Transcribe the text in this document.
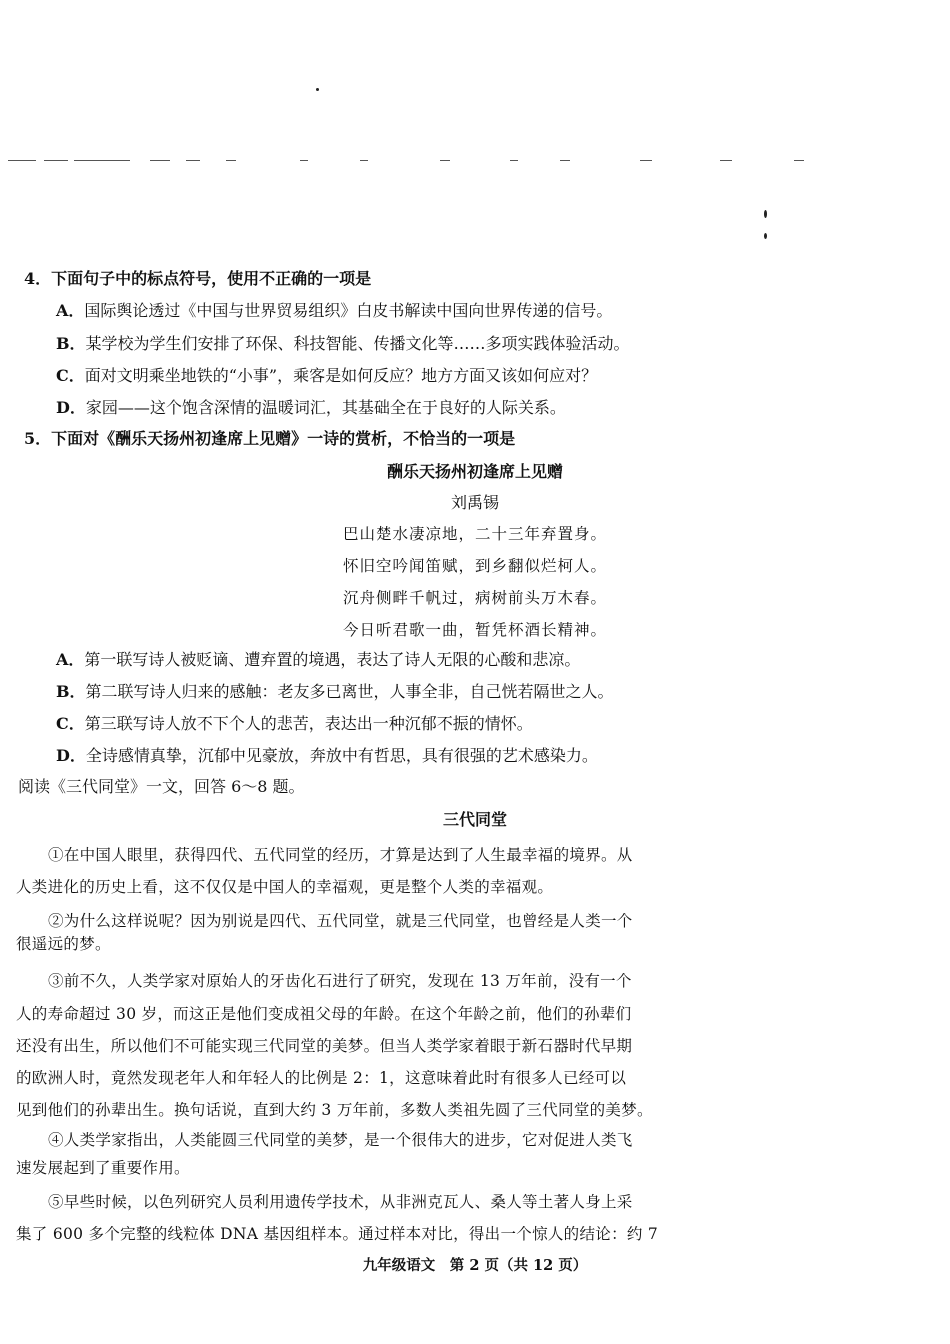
4．下面句子中的标点符号，使用不正确的一项是
A．国际舆论透过《中国与世界贸易组织》白皮书解读中国向世界传递的信号。
B．某学校为学生们安排了环保、科技智能、传播文化等……多项实践体验活动。
C．面对文明乘坐地铁的“小事”，乘客是如何反应？地方方面又该如何应对？
D．家园——这个饱含深情的温暖词汇，其基础全在于良好的人际关系。
5．下面对《酬乐天扬州初逢席上见赠》一诗的赏析，不恰当的一项是
酬乐天扬州初逢席上见赠
刘禹锡
巴山楚水凄凉地，二十三年弃置身。
怀旧空吟闻笛赋，到乡翻似烂柯人。
沉舟侧畔千帆过，病树前头万木春。
今日听君歌一曲，暂凭杯酒长精神。
A．第一联写诗人被贬谪、遭弃置的境遇，表达了诗人无限的心酸和悲凉。
B．第二联写诗人归来的感触：老友多已离世，人事全非，自己恍若隔世之人。
C．第三联写诗人放不下个人的悲苦，表达出一种沉郁不振的情怀。
D．全诗感情真挚，沉郁中见豪放，奔放中有哲思，具有很强的艺术感染力。
阅读《三代同堂》一文，回答 6～8 题。
三代同堂
①在中国人眼里，获得四代、五代同堂的经历，才算是达到了人生最幸福的境界。从
人类进化的历史上看，这不仅仅是中国人的幸福观，更是整个人类的幸福观。
②为什么这样说呢？因为别说是四代、五代同堂，就是三代同堂，也曾经是人类一个
很遥远的梦。
③前不久，人类学家对原始人的牙齿化石进行了研究，发现在 13 万年前，没有一个
人的寿命超过 30 岁，而这正是他们变成祖父母的年龄。在这个年龄之前，他们的孙辈们
还没有出生，所以他们不可能实现三代同堂的美梦。但当人类学家着眼于新石器时代早期
的欧洲人时，竟然发现老年人和年轻人的比例是 2：1，这意味着此时有很多人已经可以
见到他们的孙辈出生。换句话说，直到大约 3 万年前，多数人类祖先圆了三代同堂的美梦。
④人类学家指出，人类能圆三代同堂的美梦，是一个很伟大的进步，它对促进人类飞
速发展起到了重要作用。
⑤早些时候，以色列研究人员利用遗传学技术，从非洲克瓦人、桑人等土著人身上采
集了 600 多个完整的线粒体 DNA 基因组样本。通过样本对比，得出一个惊人的结论：约 7
九年级语文　第 2 页（共 12 页）
